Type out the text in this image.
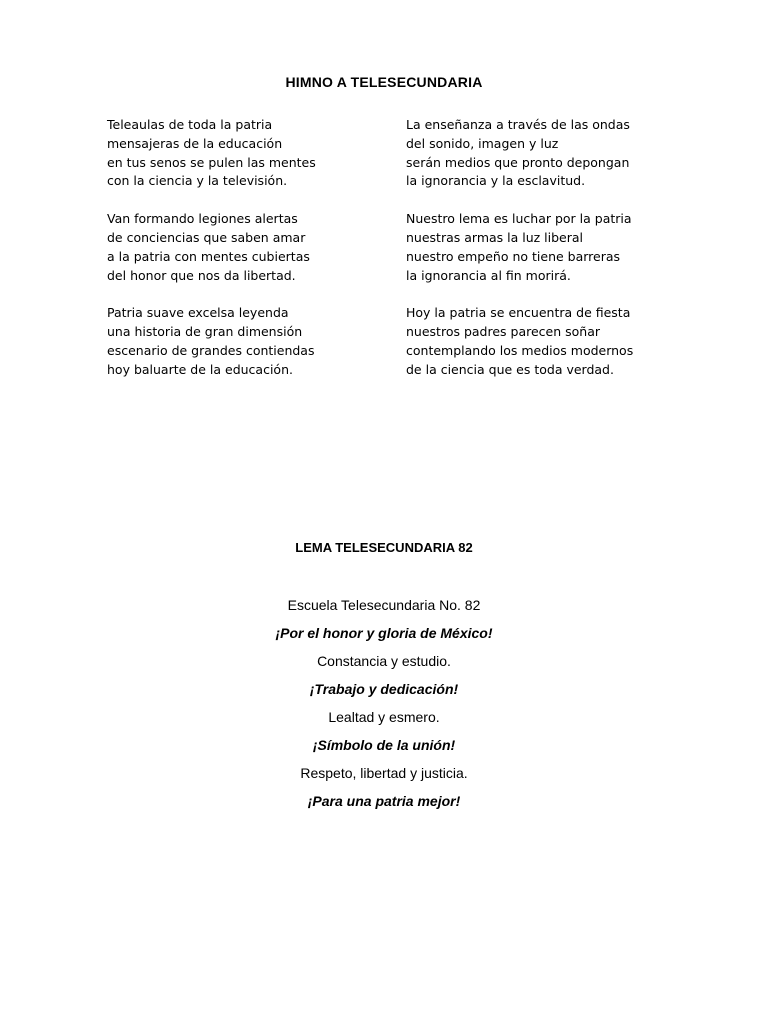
HIMNO A TELESECUNDARIA
Teleaulas de toda la patria
mensajeras de la educación
en tus senos se pulen las mentes
con la ciencia y la televisión.
Van formando legiones alertas
de conciencias que saben amar
a la patria con mentes cubiertas
del honor que nos da libertad.
Patria suave excelsa leyenda
una historia de gran dimensión
escenario de grandes contiendas
hoy baluarte de la educación.
La enseñanza a través de las ondas
del sonido, imagen y luz
serán medios que pronto depongan
la ignorancia y la esclavitud.
Nuestro lema es luchar por la patria
nuestras armas la luz liberal
nuestro empeño no tiene barreras
la ignorancia al fin morirá.
Hoy la patria se encuentra de fiesta
nuestros padres parecen soñar
contemplando los medios modernos
de la ciencia que es toda verdad.
LEMA TELESECUNDARIA 82
Escuela Telesecundaria No. 82
¡Por el honor y gloria de México!
Constancia y estudio.
¡Trabajo y dedicación!
Lealtad y esmero.
¡Símbolo de la unión!
Respeto, libertad y justicia.
¡Para una patria mejor!
